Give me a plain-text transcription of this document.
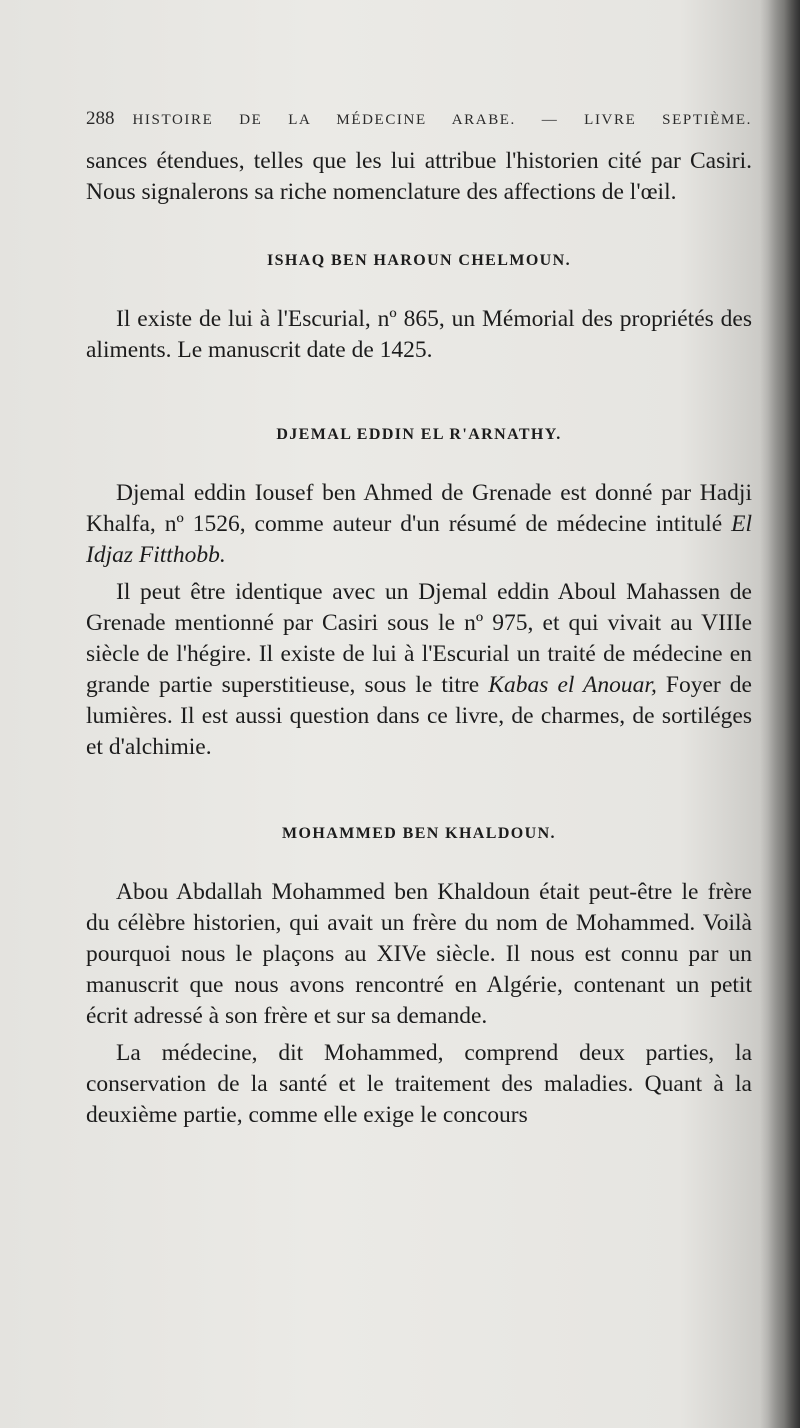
288 HISTOIRE DE LA MÉDECINE ARABE. — LIVRE SEPTIÈME.

sances étendues, telles que les lui attribue l'historien cité par Casiri. Nous signalerons sa riche nomenclature des affections de l'œil.

ISHAQ BEN HAROUN CHELMOUN.

Il existe de lui à l'Escurial, nº 865, un Mémorial des propriétés des aliments. Le manuscrit date de 1425.

DJEMAL EDDIN EL R'ARNATHY.

Djemal eddin Iousef ben Ahmed de Grenade est donné par Hadji Khalfa, nº 1526, comme auteur d'un résumé de médecine intitulé El Idjaz Fitthobb.

Il peut être identique avec un Djemal eddin Aboul Mahassen de Grenade mentionné par Casiri sous le nº 975, et qui vivait au VIIIe siècle de l'hégire. Il existe de lui à l'Escurial un traité de médecine en grande partie superstitieuse, sous le titre Kabas el Anouar, Foyer de lumières. Il est aussi question dans ce livre, de charmes, de sortiléges et d'alchimie.

MOHAMMED BEN KHALDOUN.

Abou Abdallah Mohammed ben Khaldoun était peut-être le frère du célèbre historien, qui avait un frère du nom de Mohammed. Voilà pourquoi nous le plaçons au XIVe siècle. Il nous est connu par un manuscrit que nous avons rencontré en Algérie, contenant un petit écrit adressé à son frère et sur sa demande.

La médecine, dit Mohammed, comprend deux parties, la conservation de la santé et le traitement des maladies. Quant à la deuxième partie, comme elle exige le concours
